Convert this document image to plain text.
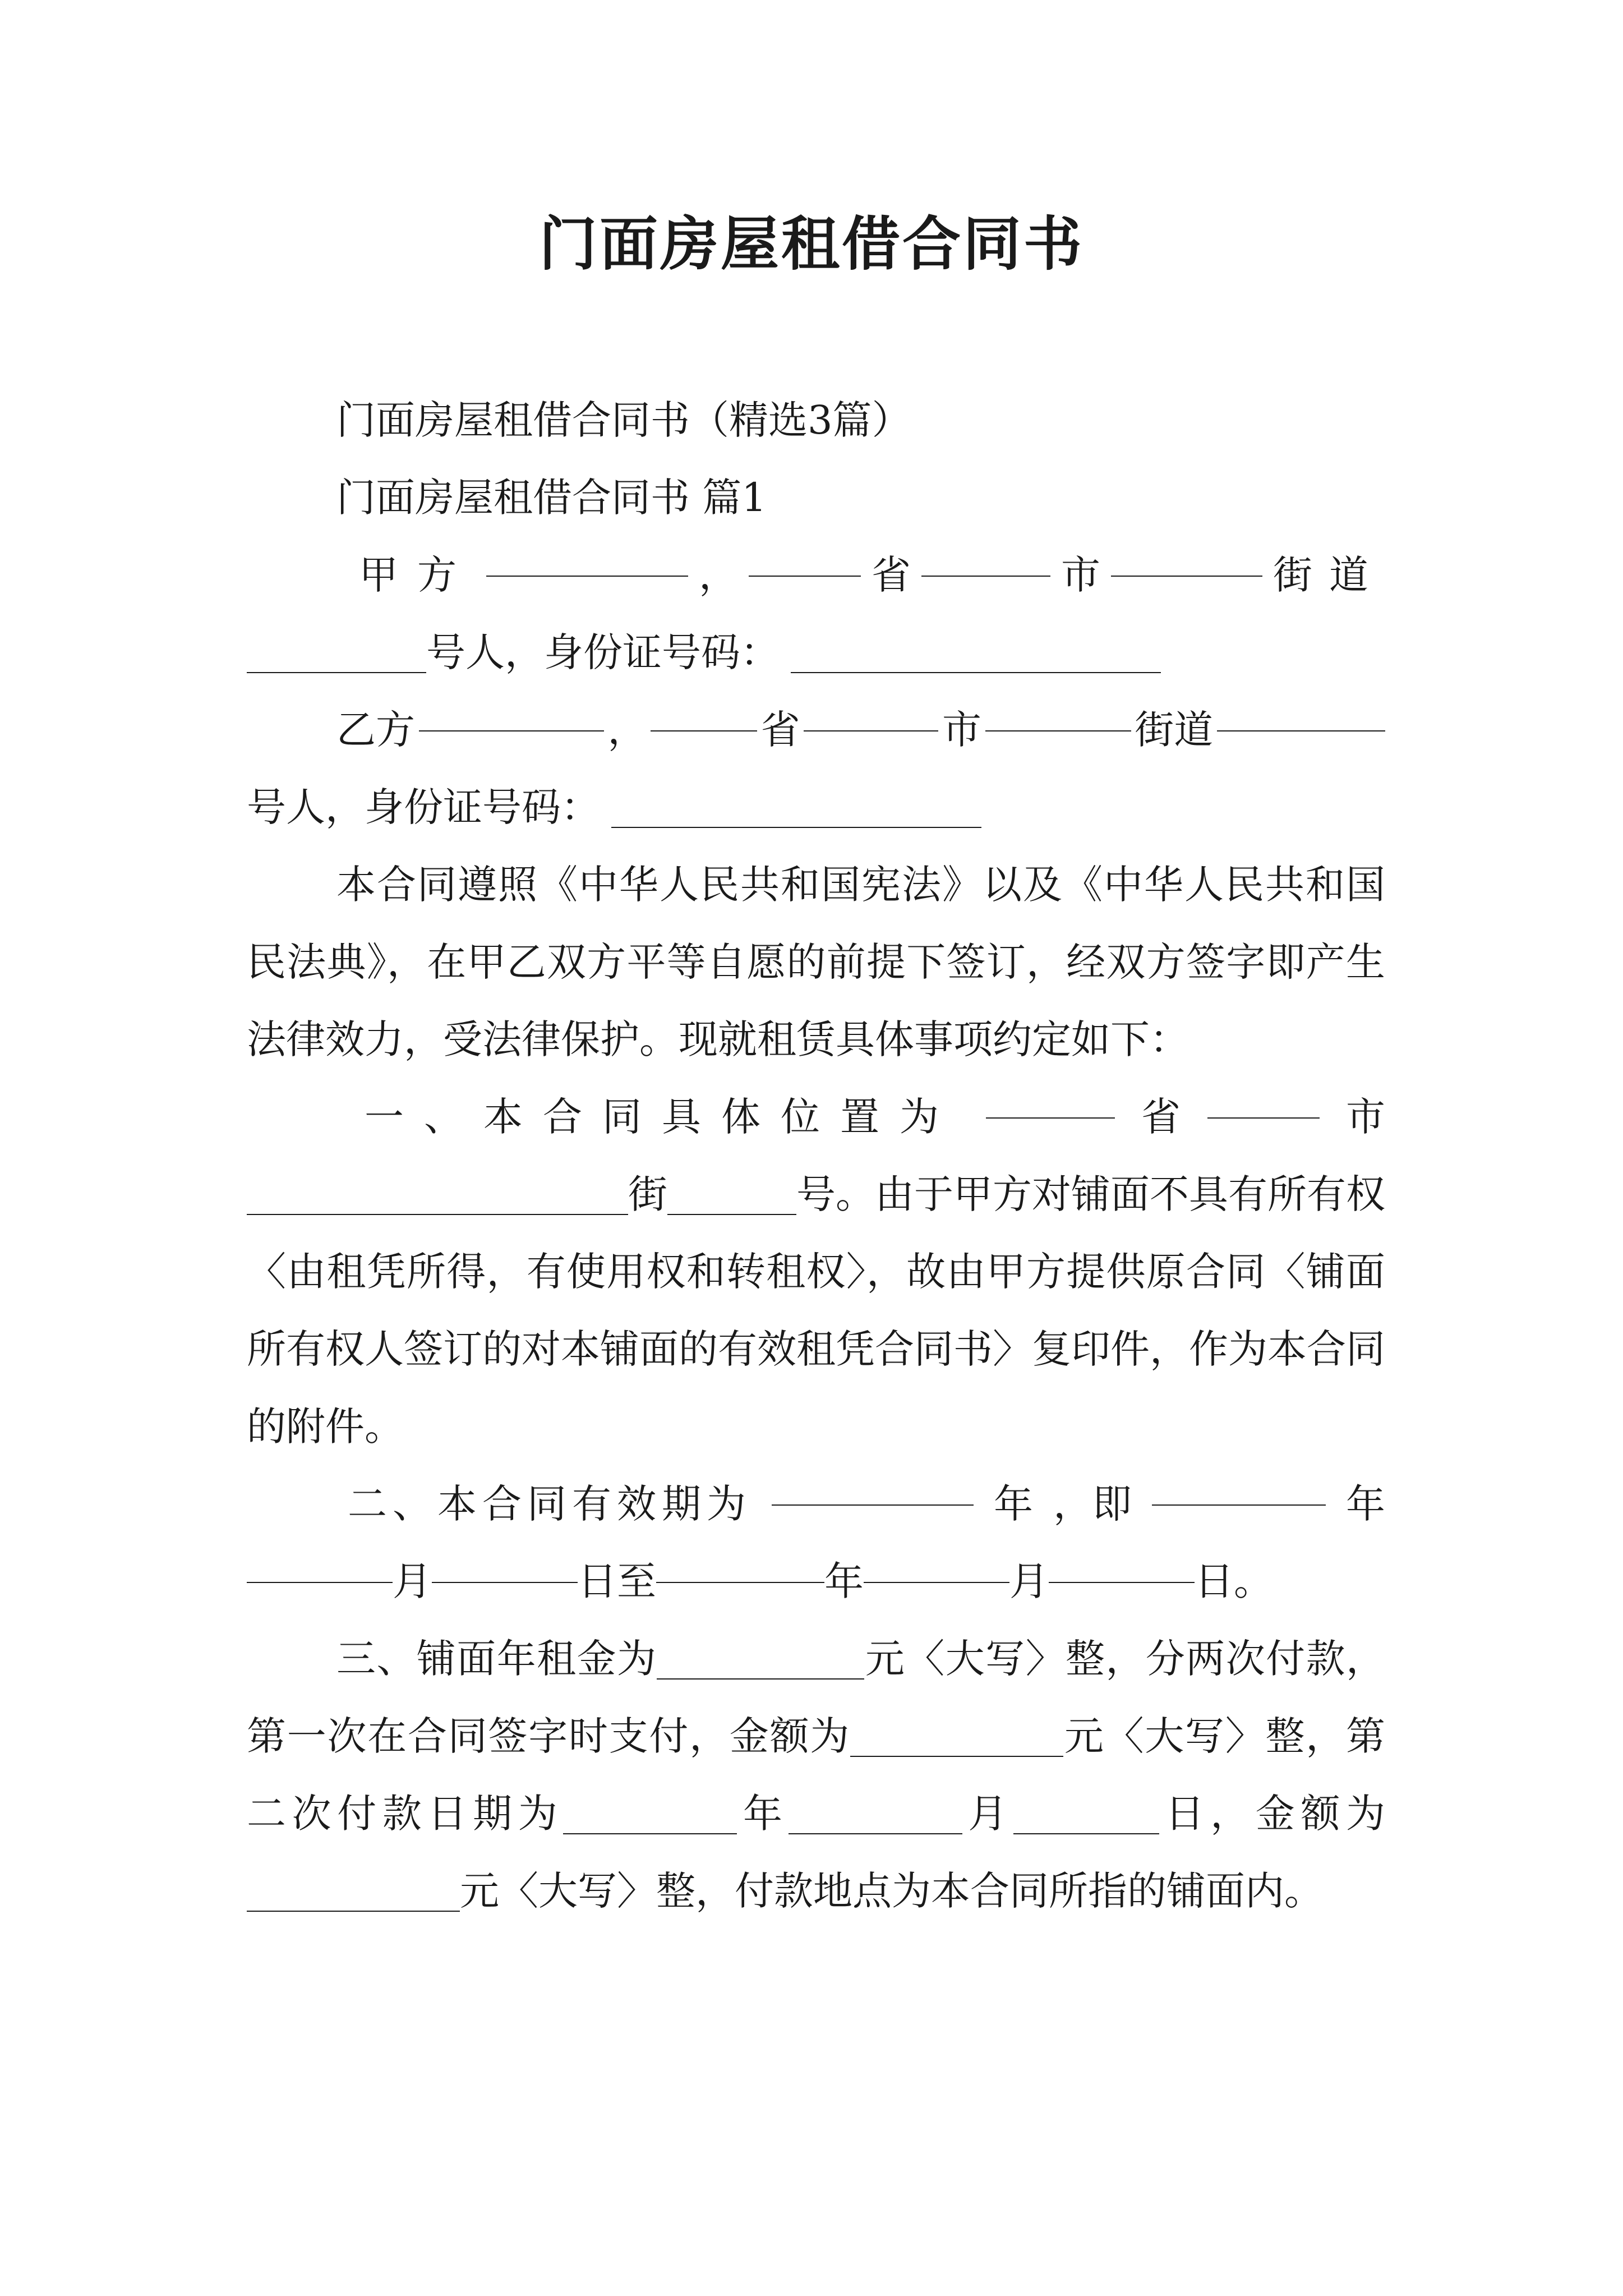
门面房屋租借合同书
门面房屋租借合同书（精选3篇）
门面房屋租借合同书 篇1
甲方	，	省	市	街道
号人，身份证号码：
乙方	，	省	市	街道
号人，身份证号码：
本合同遵照《中华人民共和国宪法》以及《中华人民共和国民法典》，在甲乙双方平等自愿的前提下签订，经双方签字即产生法律效力，受法律保护。现就租赁具体事项约定如下：
一、本合同具体位置为	省	市
街	号。由于甲方对铺面不具有所有权〈由租凭所得，有使用权和转租权〉，故由甲方提供原合同〈铺面所有权人签订的对本铺面的有效租凭合同书〉复印件，作为本合同的附件。
二、本合同有效期为	年 ，即	年
月	日至	年	月	日。
三、铺面年租金为	元〈大写〉整，分两次付款，第一次在合同签字时支付，金额为	元〈大写〉整，第二次付款日期为	年	月	日，金额为元〈大写〉整，付款地点为本合同所指的铺面内。
